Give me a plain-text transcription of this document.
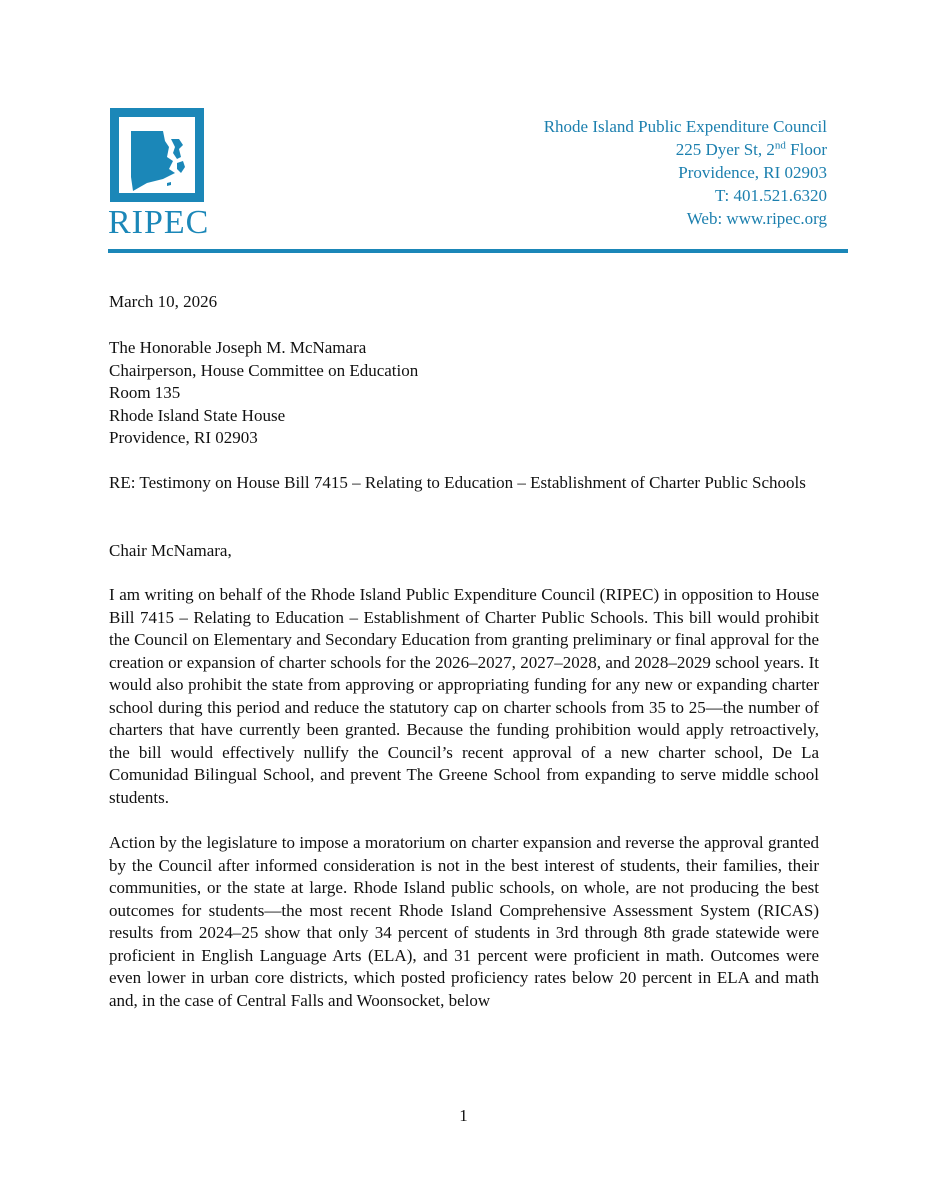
RIPEC
Rhode Island Public Expenditure Council
225 Dyer St, 2nd Floor
Providence, RI 02903
T: 401.521.6320
Web: www.ripec.org
March 10, 2026
The Honorable Joseph M. McNamara
Chairperson, House Committee on Education
Room 135
Rhode Island State House
Providence, RI 02903
RE: Testimony on House Bill 7415 – Relating to Education – Establishment of Charter Public Schools
Chair McNamara,
I am writing on behalf of the Rhode Island Public Expenditure Council (RIPEC) in opposition to House Bill 7415 – Relating to Education – Establishment of Charter Public Schools. This bill would prohibit the Council on Elementary and Secondary Education from granting preliminary or final approval for the creation or expansion of charter schools for the 2026–2027, 2027–2028, and 2028–2029 school years. It would also prohibit the state from approving or appropriating funding for any new or expanding charter school during this period and reduce the statutory cap on charter schools from 35 to 25—the number of charters that have currently been granted. Because the funding prohibition would apply retroactively, the bill would effectively nullify the Council’s recent approval of a new charter school, De La Comunidad Bilingual School, and prevent The Greene School from expanding to serve middle school students.
Action by the legislature to impose a moratorium on charter expansion and reverse the approval granted by the Council after informed consideration is not in the best interest of students, their families, their communities, or the state at large. Rhode Island public schools, on whole, are not producing the best outcomes for students—the most recent Rhode Island Comprehensive Assessment System (RICAS) results from 2024–25 show that only 34 percent of students in 3rd through 8th grade statewide were proficient in English Language Arts (ELA), and 31 percent were proficient in math. Outcomes were even lower in urban core districts, which posted proficiency rates below 20 percent in ELA and math and, in the case of Central Falls and Woonsocket, below
1
